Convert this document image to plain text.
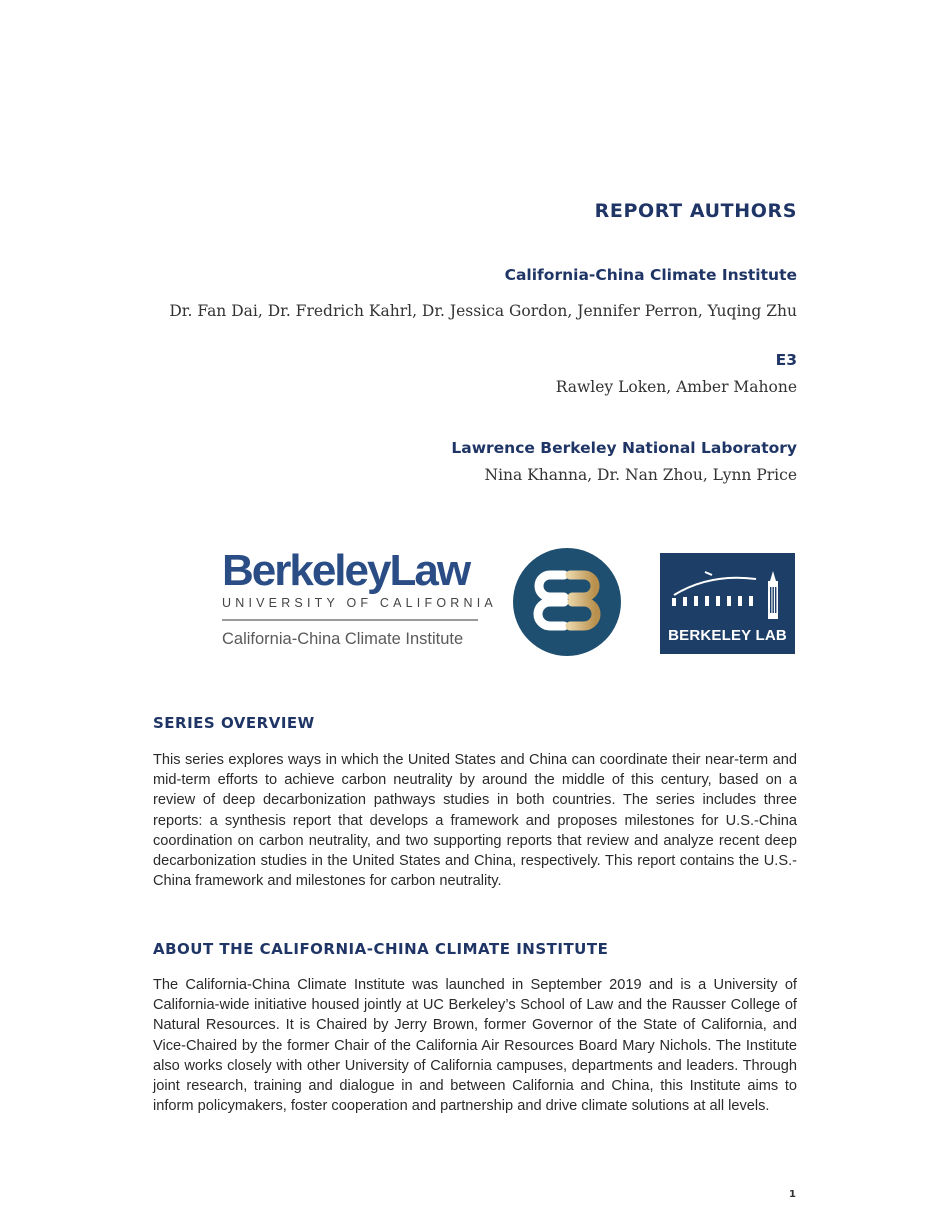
REPORT AUTHORS

California-China Climate Institute

Dr. Fan Dai, Dr. Fredrich Kahrl, Dr. Jessica Gordon, Jennifer Perron, Yuqing Zhu

E3

Rawley Loken, Amber Mahone

Lawrence Berkeley National Laboratory

Nina Khanna, Dr. Nan Zhou, Lynn Price

BerkeleyLaw
UNIVERSITY OF CALIFORNIA
California-China Climate Institute	BERKELEY LAB
SERIES OVERVIEW

This series explores ways in which the United States and China can coordinate their near-term and mid-term efforts to achieve carbon neutrality by around the middle of this century, based on a review of deep decarbonization pathways studies in both countries. The series includes three reports: a synthesis report that develops a framework and proposes milestones for U.S.-China coordination on carbon neutrality, and two supporting reports that review and analyze recent deep decarbonization studies in the United States and China, respectively. This report contains the U.S.-China framework and milestones for carbon neutrality.

ABOUT THE CALIFORNIA-CHINA CLIMATE INSTITUTE

The California-China Climate Institute was launched in September 2019 and is a University of California-wide initiative housed jointly at UC Berkeley’s School of Law and the Rausser College of Natural Resources. It is Chaired by Jerry Brown, former Governor of the State of California, and Vice-Chaired by the former Chair of the California Air Resources Board Mary Nichols. The Institute also works closely with other University of California campuses, departments and leaders. Through joint research, training and dialogue in and between California and China, this Institute aims to inform policymakers, foster cooperation and partnership and drive climate solutions at all levels.

1
